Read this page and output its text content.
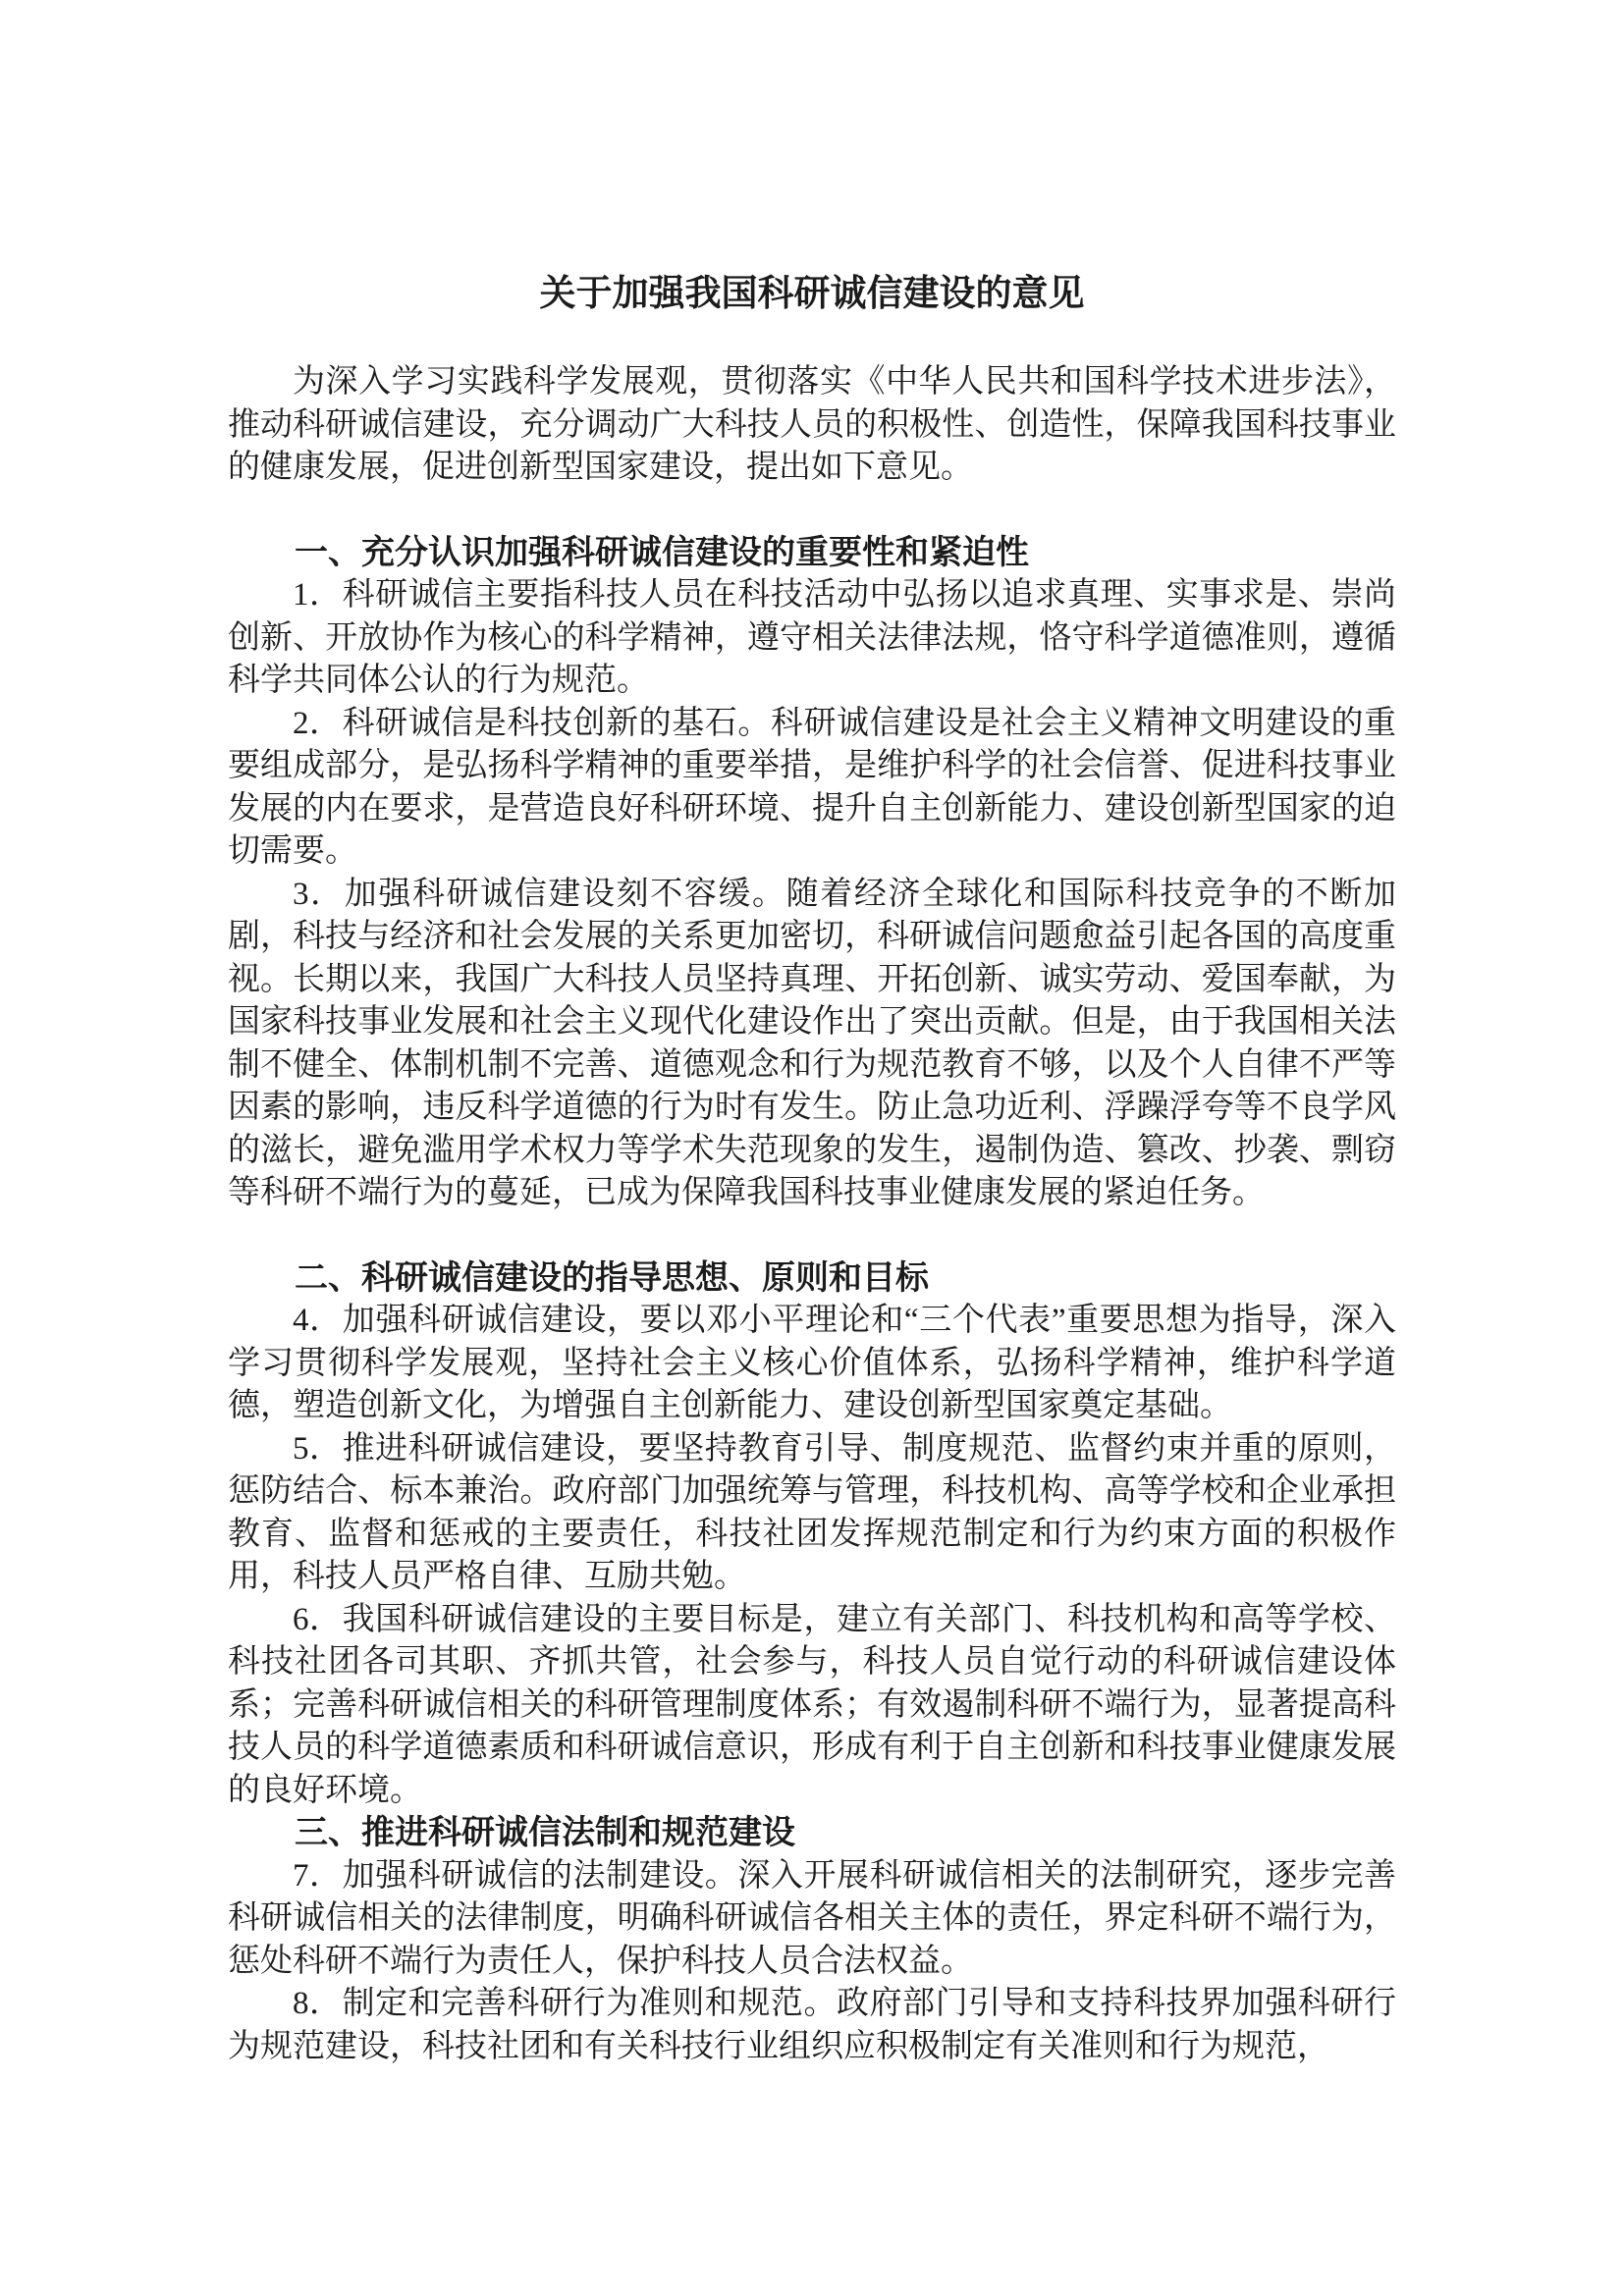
关于加强我国科研诚信建设的意见

为深入学习实践科学发展观，贯彻落实《中华人民共和国科学技术进步法》，推动科研诚信建设，充分调动广大科技人员的积极性、创造性，保障我国科技事业的健康发展，促进创新型国家建设，提出如下意见。

一、充分认识加强科研诚信建设的重要性和紧迫性

1．科研诚信主要指科技人员在科技活动中弘扬以追求真理、实事求是、崇尚创新、开放协作为核心的科学精神，遵守相关法律法规，恪守科学道德准则，遵循科学共同体公认的行为规范。

2．科研诚信是科技创新的基石。科研诚信建设是社会主义精神文明建设的重要组成部分，是弘扬科学精神的重要举措，是维护科学的社会信誉、促进科技事业发展的内在要求，是营造良好科研环境、提升自主创新能力、建设创新型国家的迫切需要。

3．加强科研诚信建设刻不容缓。随着经济全球化和国际科技竞争的不断加剧，科技与经济和社会发展的关系更加密切，科研诚信问题愈益引起各国的高度重视。长期以来，我国广大科技人员坚持真理、开拓创新、诚实劳动、爱国奉献，为国家科技事业发展和社会主义现代化建设作出了突出贡献。但是，由于我国相关法制不健全、体制机制不完善、道德观念和行为规范教育不够，以及个人自律不严等因素的影响，违反科学道德的行为时有发生。防止急功近利、浮躁浮夸等不良学风的滋长，避免滥用学术权力等学术失范现象的发生，遏制伪造、篡改、抄袭、剽窃等科研不端行为的蔓延，已成为保障我国科技事业健康发展的紧迫任务。

二、科研诚信建设的指导思想、原则和目标

4．加强科研诚信建设，要以邓小平理论和“三个代表”重要思想为指导，深入学习贯彻科学发展观，坚持社会主义核心价值体系，弘扬科学精神，维护科学道德，塑造创新文化，为增强自主创新能力、建设创新型国家奠定基础。

5．推进科研诚信建设，要坚持教育引导、制度规范、监督约束并重的原则，惩防结合、标本兼治。政府部门加强统筹与管理，科技机构、高等学校和企业承担教育、监督和惩戒的主要责任，科技社团发挥规范制定和行为约束方面的积极作用，科技人员严格自律、互励共勉。

6．我国科研诚信建设的主要目标是，建立有关部门、科技机构和高等学校、科技社团各司其职、齐抓共管，社会参与，科技人员自觉行动的科研诚信建设体系；完善科研诚信相关的科研管理制度体系；有效遏制科研不端行为，显著提高科技人员的科学道德素质和科研诚信意识，形成有利于自主创新和科技事业健康发展的良好环境。

三、推进科研诚信法制和规范建设

7．加强科研诚信的法制建设。深入开展科研诚信相关的法制研究，逐步完善科研诚信相关的法律制度，明确科研诚信各相关主体的责任，界定科研不端行为，惩处科研不端行为责任人，保护科技人员合法权益。

8．制定和完善科研行为准则和规范。政府部门引导和支持科技界加强科研行为规范建设，科技社团和有关科技行业组织应积极制定有关准则和行为规范，
